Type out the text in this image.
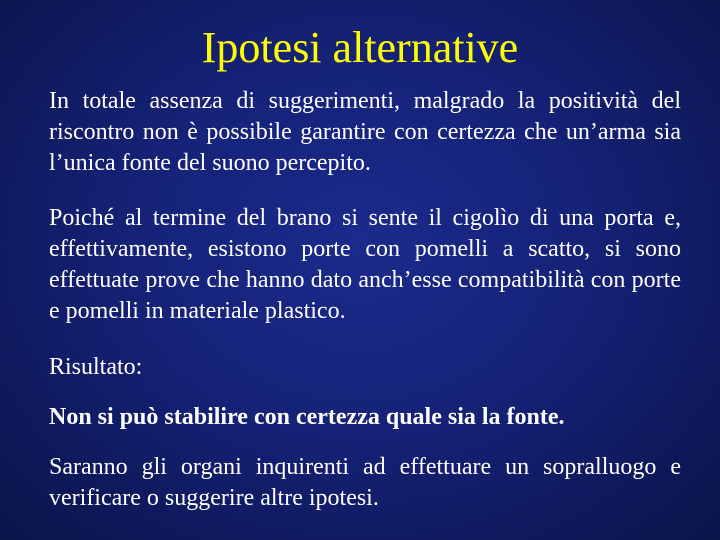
Ipotesi alternative

In totale assenza di suggerimenti, malgrado la positività del riscontro non è possibile garantire con certezza che un’arma sia l’unica fonte del suono percepito.

Poiché al termine del brano si sente il cigolìo di una porta e, effettivamente, esistono porte con pomelli a scatto, si sono effettuate prove che hanno dato anch’esse compatibilità con porte e pomelli in materiale plastico.

Risultato:

Non si può stabilire con certezza quale sia la fonte.

Saranno gli organi inquirenti ad effettuare un sopralluogo e verificare o suggerire altre ipotesi.
